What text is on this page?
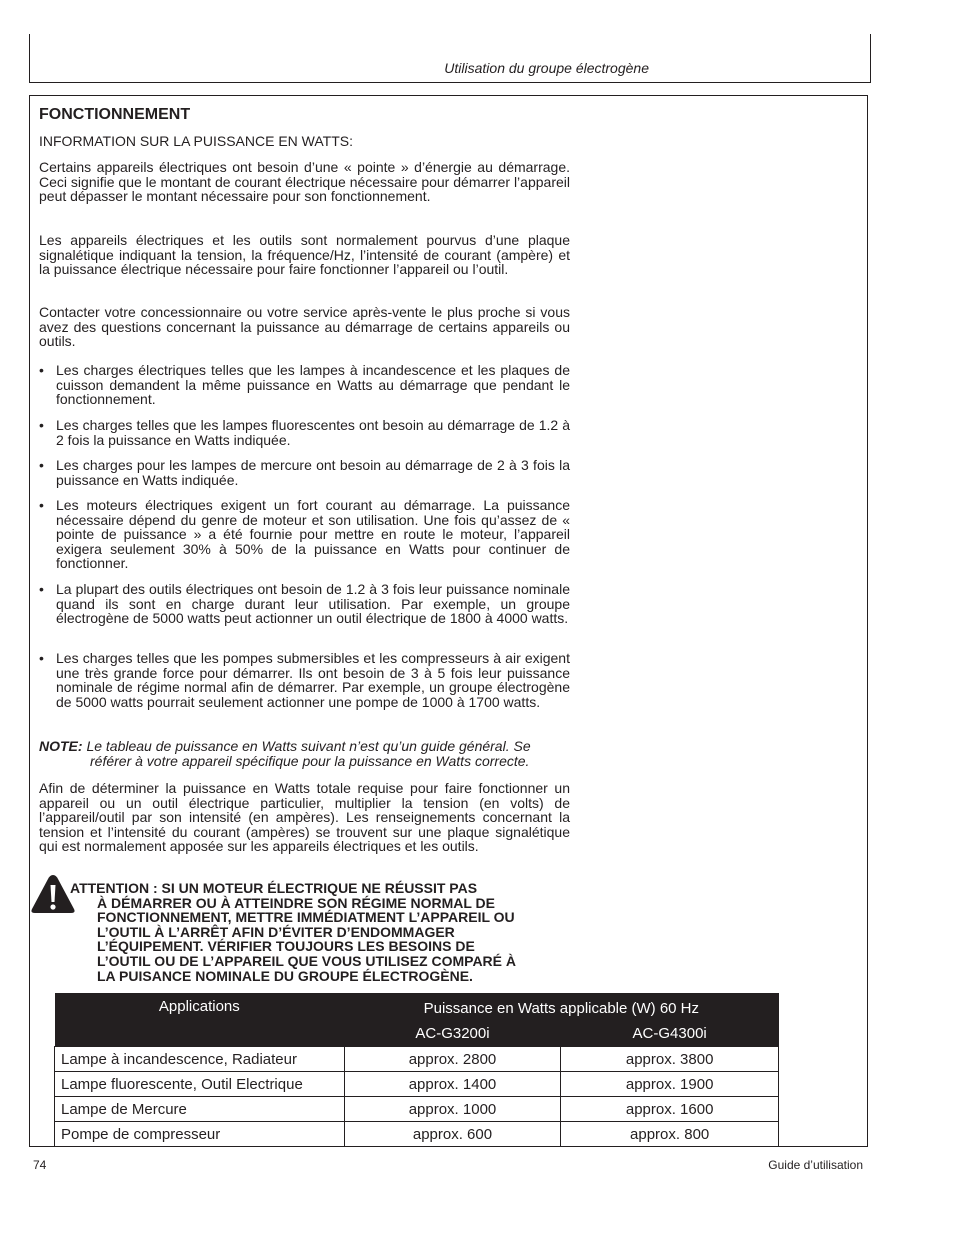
Utilisation du groupe électrogène
FONCTIONNEMENT
INFORMATION SUR LA PUISSANCE EN WATTS:

Certains appareils électriques ont besoin d’une « pointe » d’énergie au démarrage. Ceci signifie que le montant de courant électrique nécessaire pour démarrer l’appareil peut dépasser le montant nécessaire pour son fonctionnement.

Les appareils électriques et les outils sont normalement pourvus d’une plaque signalétique indiquant la tension, la fréquence/Hz, l’intensité de courant (ampère) et la puissance électrique nécessaire pour faire fonctionner l’appareil ou l’outil.

Contacter votre concessionnaire ou votre service après-vente le plus proche si vous avez des questions concernant la puissance au démarrage de certains appareils ou outils.

• Les charges électriques telles que les lampes à incandescence et les plaques de cuisson demandent la même puissance en Watts au démarrage que pendant le fonctionnement.
• Les charges telles que les lampes fluorescentes ont besoin au démarrage de 1.2 à 2 fois la puissance en Watts indiquée.
• Les charges pour les lampes de mercure ont besoin au démarrage de 2 à 3 fois la puissance en Watts indiquée.
• Les moteurs électriques exigent un fort courant au démarrage. La puissance nécessaire dépend du genre de moteur et son utilisation. Une fois qu’assez de « pointe de puissance » a été fournie pour mettre en route le moteur, l’appareil exigera seulement 30% à 50% de la puissance en Watts pour continuer de fonctionner.
• La plupart des outils électriques ont besoin de 1.2 à 3 fois leur puissance nominale quand ils sont en charge durant leur utilisation. Par exemple, un groupe électrogène de 5000 watts peut actionner un outil électrique de 1800 à 4000 watts.
• Les charges telles que les pompes submersibles et les compresseurs à air exigent une très grande force pour démarrer. Ils ont besoin de 3 à 5 fois leur puissance nominale de régime normal afin de démarrer. Par exemple, un groupe électrogène de 5000 watts pourrait seulement actionner une pompe de 1000 à 1700 watts.
NOTE: Le tableau de puissance en Watts suivant n’est qu’un guide général. Se
référer à votre appareil spécifique pour la puissance en Watts correcte.

Afin de déterminer la puissance en Watts totale requise pour faire fonctionner un appareil ou un outil électrique particulier, multiplier la tension (en volts) de l’appareil/outil par son intensité (en ampères). Les renseignements concernant la tension et l’intensité du courant (ampères) se trouvent sur une plaque signalétique qui est normalement apposée sur les appareils électriques et les outils.

ATTENTION : SI UN MOTEUR ÉLECTRIQUE NE RÉUSSIT PAS
À DÉMARRER OU À ATTEINDRE SON RÉGIME NORMAL DE
FONCTIONNEMENT, METTRE IMMÉDIATMENT L’APPAREIL OU
L’OUTIL À L’ARRÊT AFIN D’ÉVITER D’ENDOMMAGER
L’ÉQUIPEMENT. VÉRIFIER TOUJOURS LES BESOINS DE
L’OUTIL OU DE L’APPAREIL QUE VOUS UTILISEZ COMPARÉ À
LA PUISANCE NOMINALE DU GROUPE ÉLECTROGÈNE.
Applications	Puissance en Watts applicable (W) 60 Hz	
	AC-G3200i	AC-G4300i
Lampe à incandescence, Radiateur	approx. 2800	approx. 3800
Lampe fluorescente, Outil Electrique	approx. 1400	approx. 1900
Lampe de Mercure	approx. 1000	approx. 1600
Pompe de compresseur	approx. 600	approx. 800
74	Guide d’utilisation
